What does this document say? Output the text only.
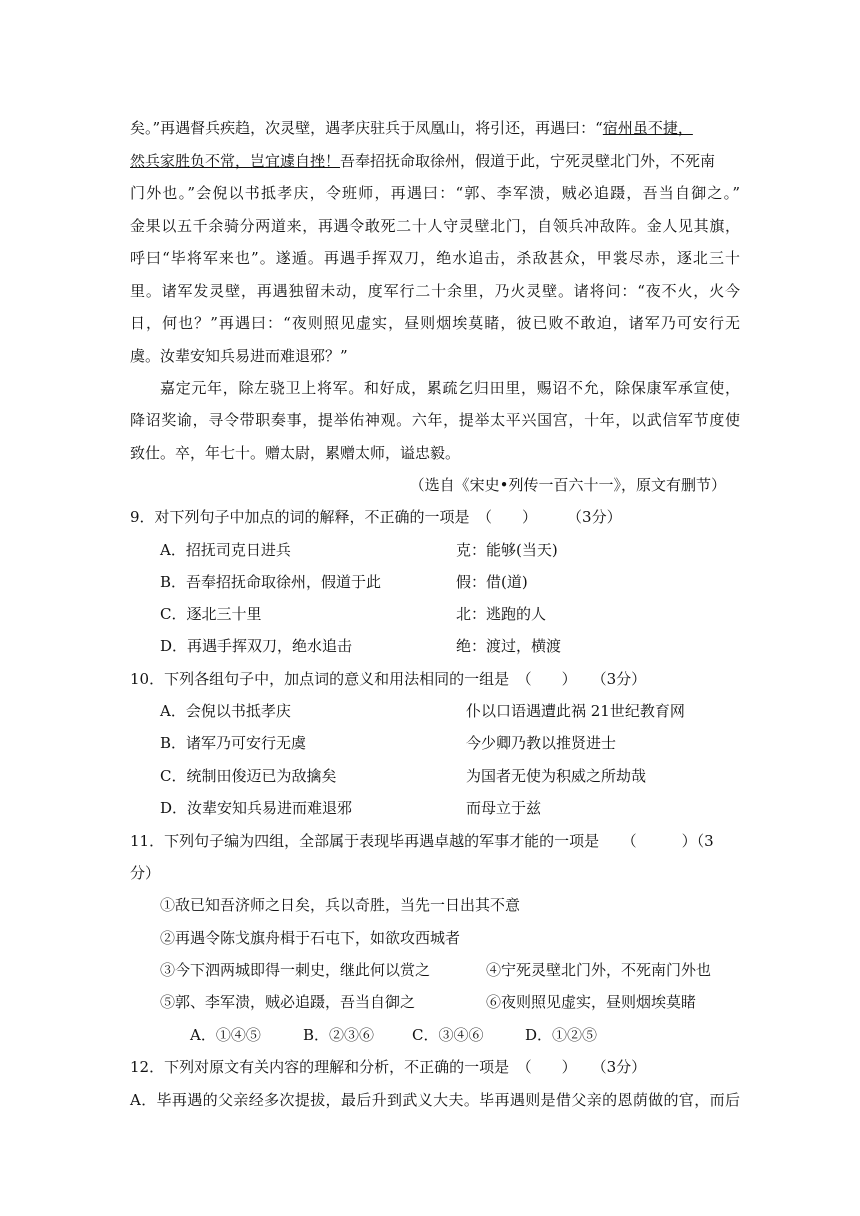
矣。”再遇督兵疾趋，次灵壁，遇孝庆驻兵于凤凰山，将引还，再遇曰：“宿州虽不捷，
然兵家胜负不常，岂宜遽自挫！吾奉招抚命取徐州，假道于此，宁死灵壁北门外，不死南
门外也。”会倪以书抵孝庆，令班师，再遇曰：“郭、李军溃，贼必追蹑，吾当自御之。”
金果以五千余骑分两道来，再遇令敢死二十人守灵壁北门，自领兵冲敌阵。金人见其旗，
呼曰“毕将军来也”。遂遁。再遇手挥双刀，绝水追击，杀敌甚众，甲裳尽赤，逐北三十
里。诸军发灵壁，再遇独留未动，度军行二十余里，乃火灵壁。诸将问：“夜不火，火今
日，何也？”再遇曰：“夜则照见虚实，昼则烟埃莫睹，彼已败不敢迫，诸军乃可安行无
虞。汝辈安知兵易进而难退邪？”
嘉定元年，除左骁卫上将军。和好成，累疏乞归田里，赐诏不允，除保康军承宣使，
降诏奖谕，寻令带职奏事，提举佑神观。六年，提举太平兴国宫，十年，以武信军节度使
致仕。卒，年七十。赠太尉，累赠太师，谥忠毅。
（选自《宋史•列传一百六十一》，原文有删节）
9．对下列句子中加点的词的解释，不正确的一项是　（　　）　　　（3分）
A．招抚司克日进兵	克：能够(当天)
B．吾奉招抚命取徐州，假道于此	假：借(道)
C．逐北三十里	北：逃跑的人
D．再遇手挥双刀，绝水追击	绝：渡过，横渡
10．下列各组句子中，加点词的意义和用法相同的一组是　（　　）　　（3分）
A．会倪以书抵孝庆	仆以口语遇遭此祸 21世纪教育网
B．诸军乃可安行无虞	今少卿乃教以推贤进士
C．统制田俊迈已为敌擒矣	为国者无使为积威之所劫哉
D．汝辈安知兵易进而难退邪	而母立于兹
11．下列句子编为四组，全部属于表现毕再遇卓越的军事才能的一项是　　（　　　）（3
分）
①敌已知吾济师之日矣，兵以奇胜，当先一日出其不意
②再遇令陈戈旗舟楫于石屯下，如欲攻西城者
③今下泗两城即得一刺史，继此何以赏之	④宁死灵壁北门外，不死南门外也
⑤郭、李军溃，贼必追蹑，吾当自御之	⑥夜则照见虚实，昼则烟埃莫睹
A．①④⑤	B．②③⑥	C．③④⑥	D．①②⑤
12．下列对原文有关内容的理解和分析，不正确的一项是　（　　）　　（3分）
A．毕再遇的父亲经多次提拔，最后升到武义大夫。毕再遇则是借父亲的恩荫做的官，而后
